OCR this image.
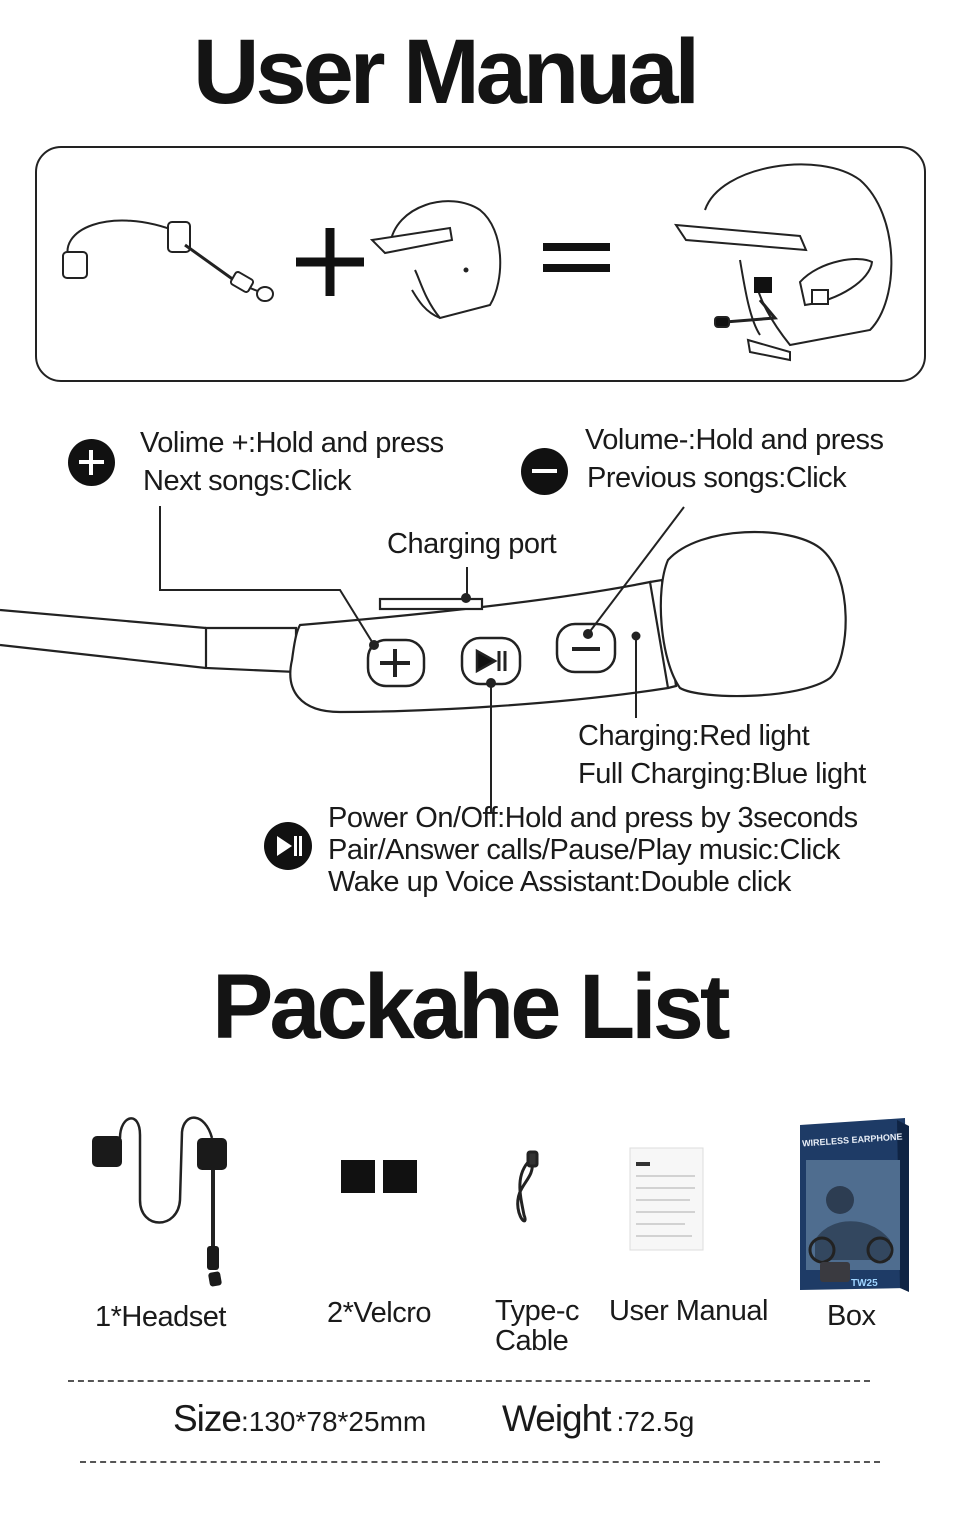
User Manual
Volime +:Hold and press
Next songs:Click
Volume-:Hold and press
Previous songs:Click
Charging port
Charging:Red light
Full Charging:Blue light
Power On/Off:Hold and press by 3seconds
Pair/Answer calls/Pause/Play music:Click
Wake up Voice Assistant:Double click
Packahe List
WIRELESS EARPHONE
TW25
1*Headset	2*Velcro Type-c
Cable
User Manual Box
Size:130*78*25mm Weight :72.5g
